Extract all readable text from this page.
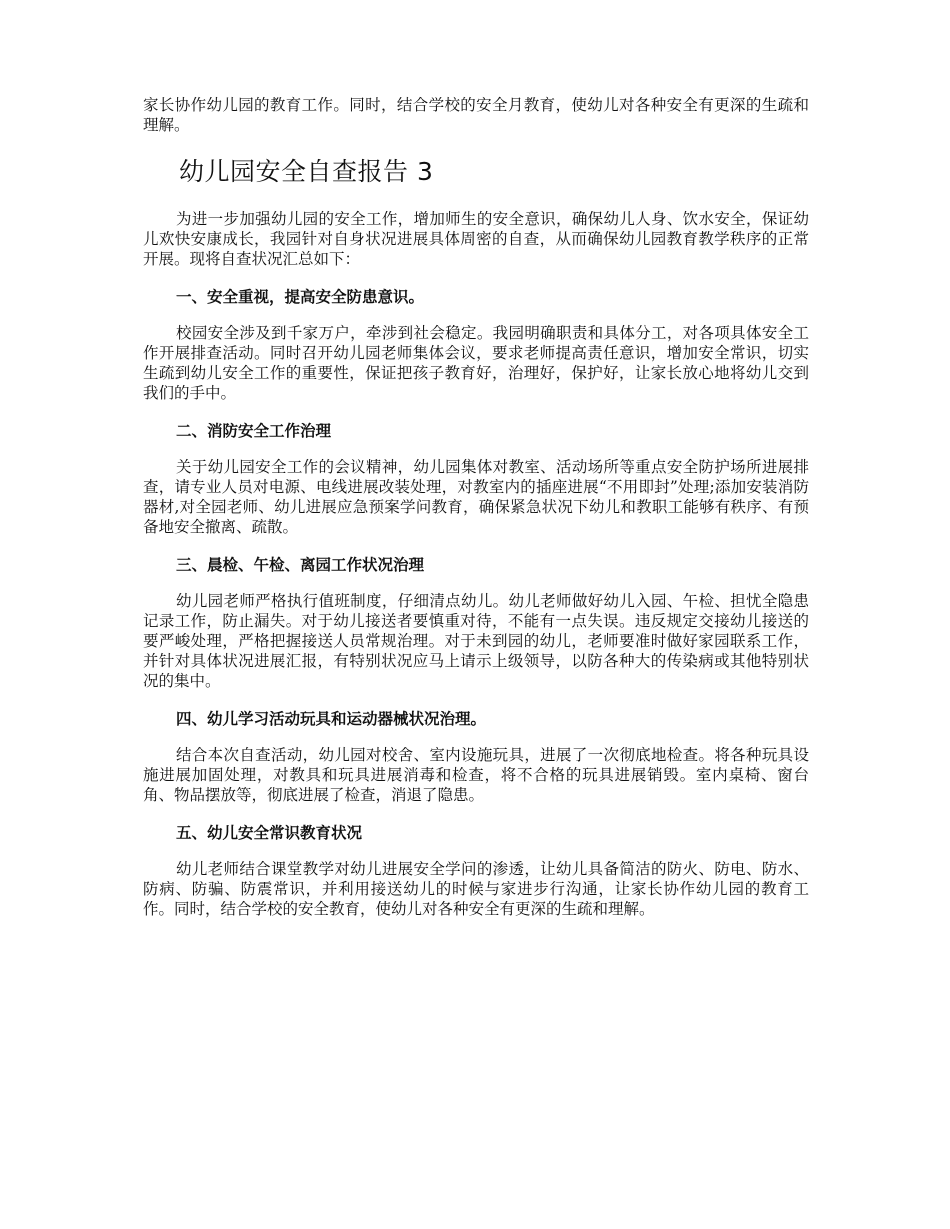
家长协作幼儿园的教育工作。同时，结合学校的安全月教育，使幼儿对各种安全有更深的生疏和理解。

幼儿园安全自查报告 3

为进一步加强幼儿园的安全工作，增加师生的安全意识，确保幼儿人身、饮水安全，保证幼儿欢快安康成长，我园针对自身状况进展具体周密的自查，从而确保幼儿园教育教学秩序的正常开展。现将自查状况汇总如下：

一、安全重视，提高安全防患意识。

校园安全涉及到千家万户，牵涉到社会稳定。我园明确职责和具体分工，对各项具体安全工作开展排查活动。同时召开幼儿园老师集体会议，要求老师提高责任意识，增加安全常识，切实生疏到幼儿安全工作的重要性，保证把孩子教育好，治理好，保护好，让家长放心地将幼儿交到我们的手中。

二、消防安全工作治理

关于幼儿园安全工作的会议精神，幼儿园集体对教室、活动场所等重点安全防护场所进展排查，请专业人员对电源、电线进展改装处理，对教室内的插座进展“不用即封”处理;添加安装消防器材,对全园老师、幼儿进展应急预案学问教育，确保紧急状况下幼儿和教职工能够有秩序、有预备地安全撤离、疏散。

三、晨检、午检、离园工作状况治理

幼儿园老师严格执行值班制度，仔细清点幼儿。幼儿老师做好幼儿入园、午检、担忧全隐患记录工作，防止漏失。对于幼儿接送者要慎重对待，不能有一点失误。违反规定交接幼儿接送的要严峻处理，严格把握接送人员常规治理。对于未到园的幼儿，老师要准时做好家园联系工作，并针对具体状况进展汇报，有特别状况应马上请示上级领导，以防各种大的传染病或其他特别状况的集中。

四、幼儿学习活动玩具和运动器械状况治理。

结合本次自查活动，幼儿园对校舍、室内设施玩具，进展了一次彻底地检查。将各种玩具设施进展加固处理，对教具和玩具进展消毒和检查，将不合格的玩具进展销毁。室内桌椅、窗台角、物品摆放等，彻底进展了检查，消退了隐患。

五、幼儿安全常识教育状况

幼儿老师结合课堂教学对幼儿进展安全学问的渗透，让幼儿具备简洁的防火、防电、防水、防病、防骗、防震常识，并利用接送幼儿的时候与家进步行沟通，让家长协作幼儿园的教育工作。同时，结合学校的安全教育，使幼儿对各种安全有更深的生疏和理解。
